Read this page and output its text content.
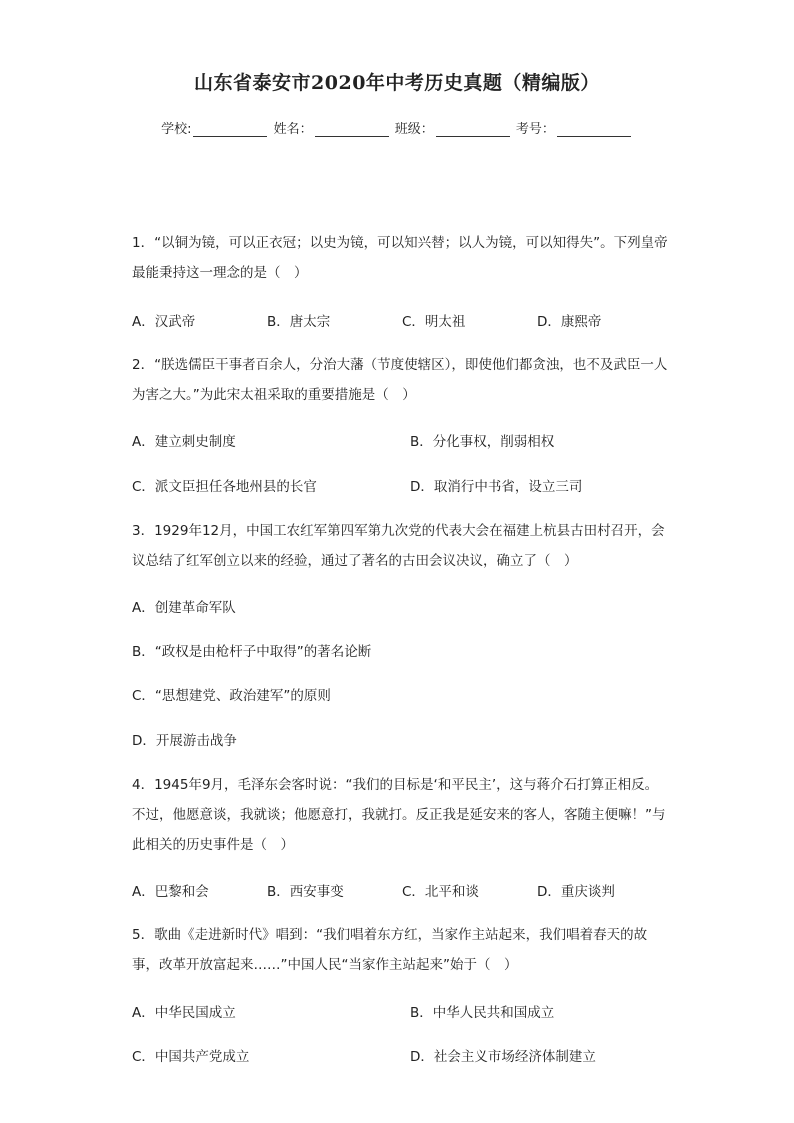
山东省泰安市2020年中考历史真题（精编版）
学校:	姓名：	班级：	考号：
1．“以铜为镜，可以正衣冠；以史为镜，可以知兴替；以人为镜，可以知得失”。下列皇帝最能秉持这一理念的是（　）
A．汉武帝	B．唐太宗	C．明太祖	D．康熙帝
2．“朕选儒臣干事者百余人，分治大藩（节度使辖区），即使他们都贪浊，也不及武臣一人为害之大。”为此宋太祖采取的重要措施是（　）
A．建立刺史制度	B．分化事权，削弱相权
C．派文臣担任各地州县的长官	D．取消行中书省，设立三司
3．1929年12月，中国工农红军第四军第九次党的代表大会在福建上杭县古田村召开，会议总结了红军创立以来的经验，通过了著名的古田会议决议，确立了（　）
A．创建革命军队
B．“政权是由枪杆子中取得”的著名论断
C．“思想建党、政治建军”的原则
D．开展游击战争
4．1945年9月，毛泽东会客时说：“我们的目标是‘和平民主’，这与蒋介石打算正相反。不过，他愿意谈，我就谈；他愿意打，我就打。反正我是延安来的客人，客随主便嘛！”与此相关的历史事件是（　）
A．巴黎和会	B．西安事变	C．北平和谈	D．重庆谈判
5．歌曲《走进新时代》唱到：“我们唱着东方红，当家作主站起来，我们唱着春天的故事，改革开放富起来……”中国人民“当家作主站起来”始于（　）
A．中华民国成立	B．中华人民共和国成立
C．中国共产党成立	D．社会主义市场经济体制建立
